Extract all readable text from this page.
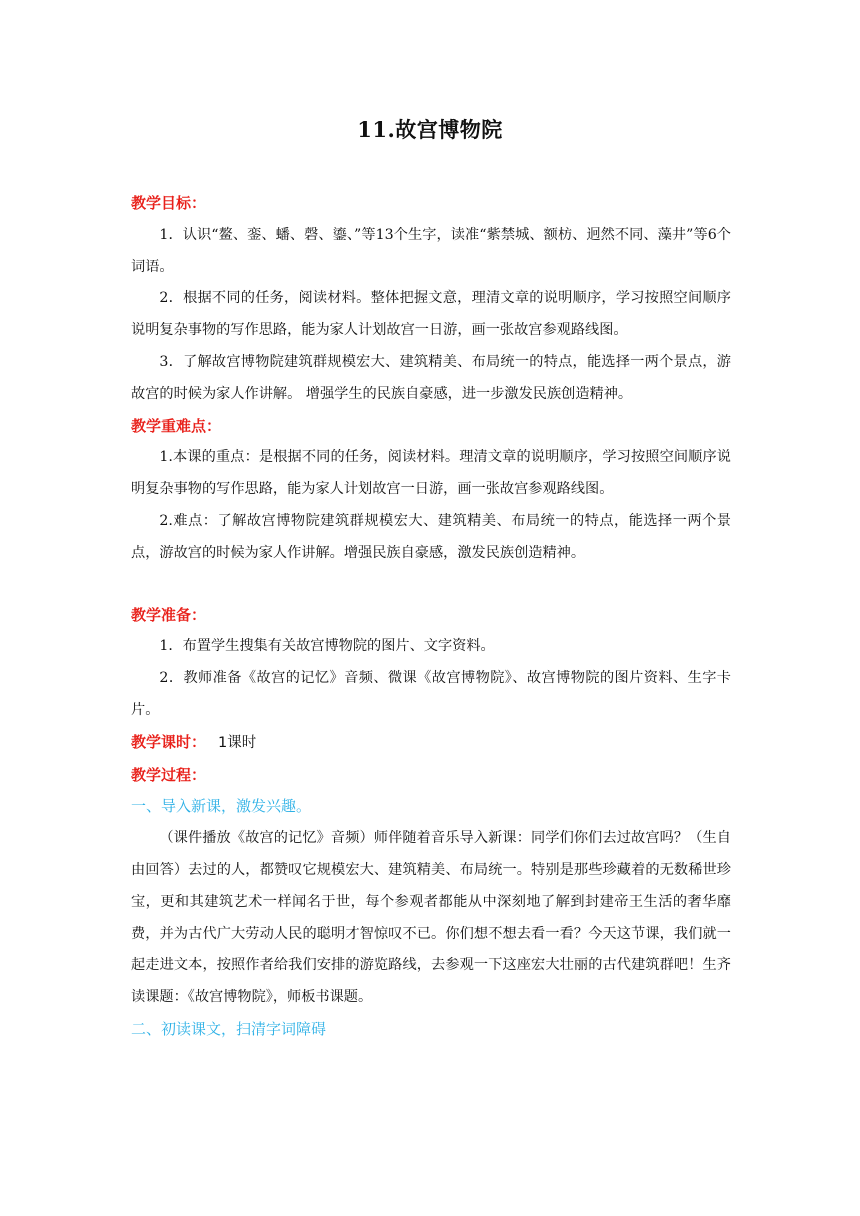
11.故宫博物院

教学目标：

1．认识“鳌、銮、蟠、磬、鎏、”等13个生字，读准“紫禁城、额枋、迥然不同、藻井”等6个词语。

2．根据不同的任务，阅读材料。整体把握文意，理清文章的说明顺序，学习按照空间顺序说明复杂事物的写作思路，能为家人计划故宫一日游，画一张故宫参观路线图。

3．了解故宫博物院建筑群规模宏大、建筑精美、布局统一的特点，能选择一两个景点，游故宫的时候为家人作讲解。 增强学生的民族自豪感，进一步激发民族创造精神。

教学重难点：

1.本课的重点：是根据不同的任务，阅读材料。理清文章的说明顺序，学习按照空间顺序说明复杂事物的写作思路，能为家人计划故宫一日游，画一张故宫参观路线图。

2.难点：了解故宫博物院建筑群规模宏大、建筑精美、布局统一的特点，能选择一两个景点，游故宫的时候为家人作讲解。增强民族自豪感，激发民族创造精神。

教学准备：

1．布置学生搜集有关故宫博物院的图片、文字资料。

2．教师准备《故宫的记忆》音频、微课《故宫博物院》、故宫博物院的图片资料、生字卡片。

教学课时： 1课时

教学过程：

一、导入新课，激发兴趣。

（课件播放《故宫的记忆》音频）师伴随着音乐导入新课：同学们你们去过故宫吗？（生自由回答）去过的人，都赞叹它规模宏大、建筑精美、布局统一。特别是那些珍藏着的无数稀世珍宝，更和其建筑艺术一样闻名于世，每个参观者都能从中深刻地了解到封建帝王生活的奢华靡费，并为古代广大劳动人民的聪明才智惊叹不已。你们想不想去看一看？今天这节课，我们就一起走进文本，按照作者给我们安排的游览路线，去参观一下这座宏大壮丽的古代建筑群吧！生齐读课题：《故宫博物院》，师板书课题。

二、初读课文，扫清字词障碍
